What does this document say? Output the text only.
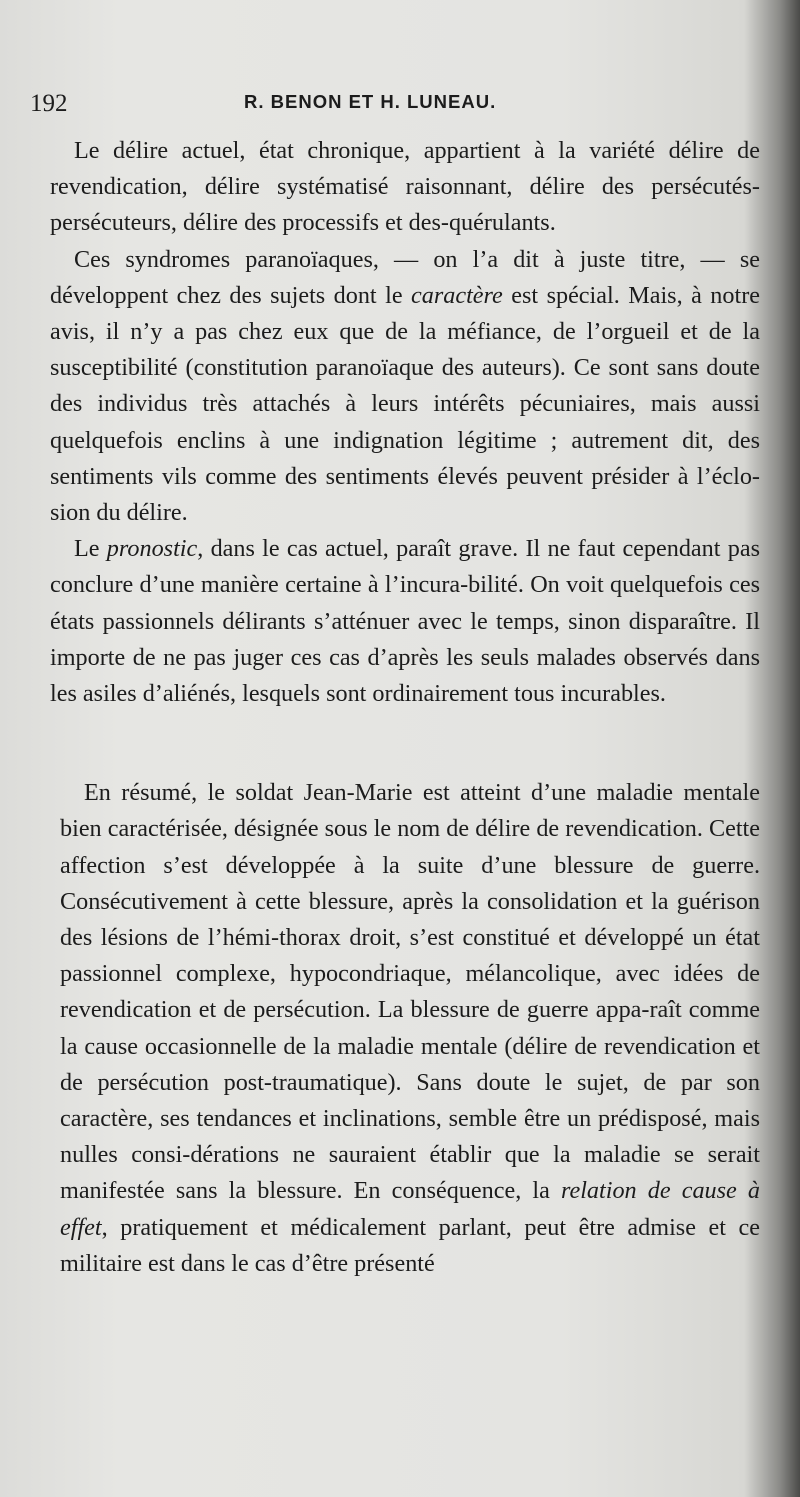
192	R. BENON ET H. LUNEAU.

Le délire actuel, état chronique, appartient à la variété délire de revendication, délire systématisé raisonnant, délire des persécutés-persécuteurs, délire des processifs et des-quérulants.

Ces syndromes paranoïaques, — on l’a dit à juste titre, — se développent chez des sujets dont le caractère est spécial. Mais, à notre avis, il n’y a pas chez eux que de la méfiance, de l’orgueil et de la susceptibilité (constitution paranoïaque des auteurs). Ce sont sans doute des individus très attachés à leurs intérêts pécuniaires, mais aussi quelquefois enclins à une indignation légitime ; autrement dit, des sentiments vils comme des sentiments élevés peuvent présider à l’éclo-sion du délire.

Le pronostic, dans le cas actuel, paraît grave. Il ne faut cependant pas conclure d’une manière certaine à l’incura-bilité. On voit quelquefois ces états passionnels délirants s’atténuer avec le temps, sinon disparaître. Il importe de ne pas juger ces cas d’après les seuls malades observés dans les asiles d’aliénés, lesquels sont ordinairement tous incurables.

En résumé, le soldat Jean-Marie est atteint d’une maladie mentale bien caractérisée, désignée sous le nom de délire de revendication. Cette affection s’est développée à la suite d’une blessure de guerre. Consécutivement à cette blessure, après la consolidation et la guérison des lésions de l’hémi-thorax droit, s’est constitué et développé un état passionnel complexe, hypocondriaque, mélancolique, avec idées de revendication et de persécution. La blessure de guerre appa-raît comme la cause occasionnelle de la maladie mentale (délire de revendication et de persécution post-traumatique). Sans doute le sujet, de par son caractère, ses tendances et inclinations, semble être un prédisposé, mais nulles consi-dérations ne sauraient établir que la maladie se serait manifestée sans la blessure. En conséquence, la relation de cause à effet, pratiquement et médicalement parlant, peut être admise et ce militaire est dans le cas d’être présenté
